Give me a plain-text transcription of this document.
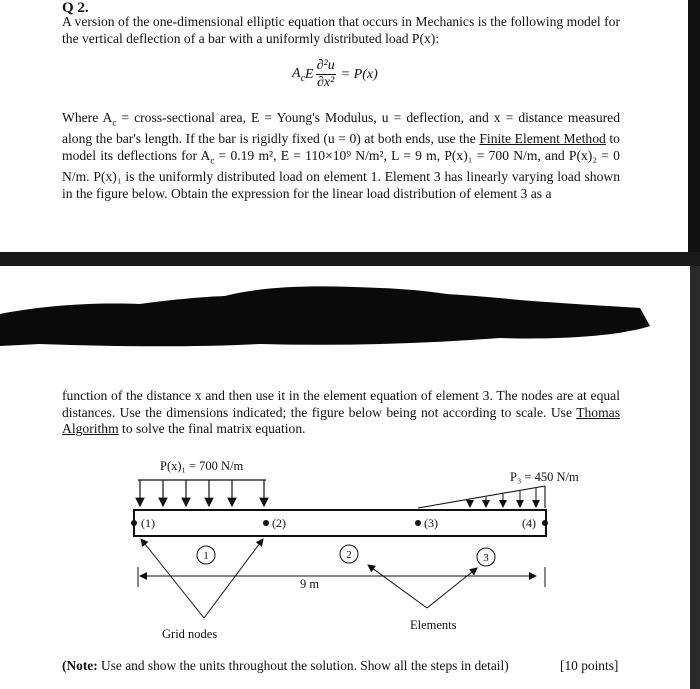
Q 2.

A version of the one-dimensional elliptic equation that occurs in Mechanics is the following model for the vertical deflection of a bar with a uniformly distributed load P(x):

$A_c$ E $\frac{\text{∂²u}}{\text{∂x²}} = P(x)$

Where $A_c$ = cross-sectional area, E = Young's Modulus, u = deflection, and x = distance measured along the bar's length. If the bar is rigidly fixed (u = 0) at both ends, use the Finite Element Method to model its deflections for $A_c = 0.19$ m², E = 110×10⁹ N/m², L = 9 m, P(x)₁ = 700 N/m, and P(x)₂ = 0 N/m. P(x)₁ is the uniformly distributed load on element 1. Element 3 has linearly varying load shown in the figure below. Obtain the expression for the linear load distribution of element 3 as a

function of the distance x and then use it in the element equation of element 3. The nodes are at equal distances. Use the dimensions indicated; the figure below being not according to scale. Use Thomas Algorithm to solve the final matrix equation.

P(x)₁ = 700 N/m
P₃ = 450 N/m
(1)	(2)	(3)	(4)
1	2	3
9 m
Grid nodes
Elements
(Note: Use and show the units throughout the solution. Show all the steps in detail)	[10 points]
